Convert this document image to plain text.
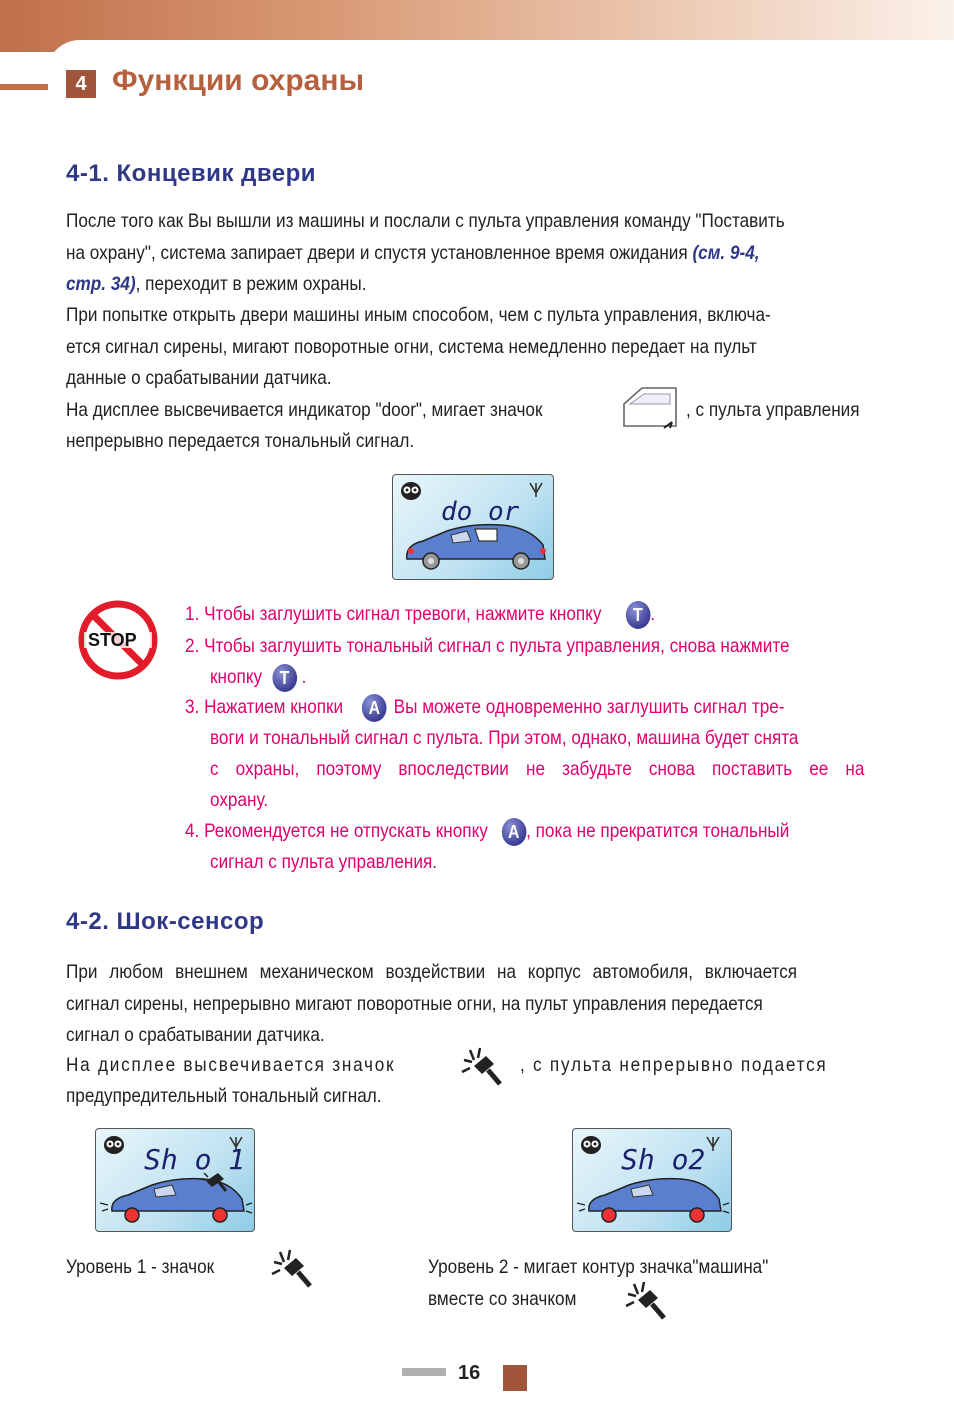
4 Функции охраны
4-1. Концевик двери
После того как Вы вышли из машины и послали с пульта управления команду "Поставить
на охрану", система запирает двери и спустя установленное время ожидания (см. 9-4,
стр. 34), переходит в режим охраны.
При попытке открыть двери машины иным способом, чем с пульта управления, включа-
ется сигнал сирены, мигают поворотные огни, система немедленно передает на пульт
данные о срабатывании датчика.
На дисплее высвечивается индикатор "door", мигает значок	, с пульта управления
непрерывно передается тональный сигнал.
do or
STOP
1. Чтобы заглушить сигнал тревоги, нажмите кнопку T .
2. Чтобы заглушить тональный сигнал с пульта управления, снова нажмите
кнопку T .
3. Нажатием кнопки A Вы можете одновременно заглушить сигнал тре-
воги и тональный сигнал с пульта. При этом, однако, машина будет снята
с охраны, поэтому впоследствии не забудьте снова поставить ее на
охрану.
4. Рекомендуется не отпускать кнопку A , пока не прекратится тональный
сигнал с пульта управления.
4-2. Шок-сенсор
При любом внешнем механическом воздействии на корпус автомобиля, включается
сигнал сирены, непрерывно мигают поворотные огни, на пульт управления передается
сигнал о срабатывании датчика.
На дисплее высвечивается значок	, с пульта непрерывно подается
предупредительный тональный сигнал.
Sh o 1	Sh o2
Уровень 1 - значок	Уровень 2 - мигает контур значка"машина"
вместе со значком
16
